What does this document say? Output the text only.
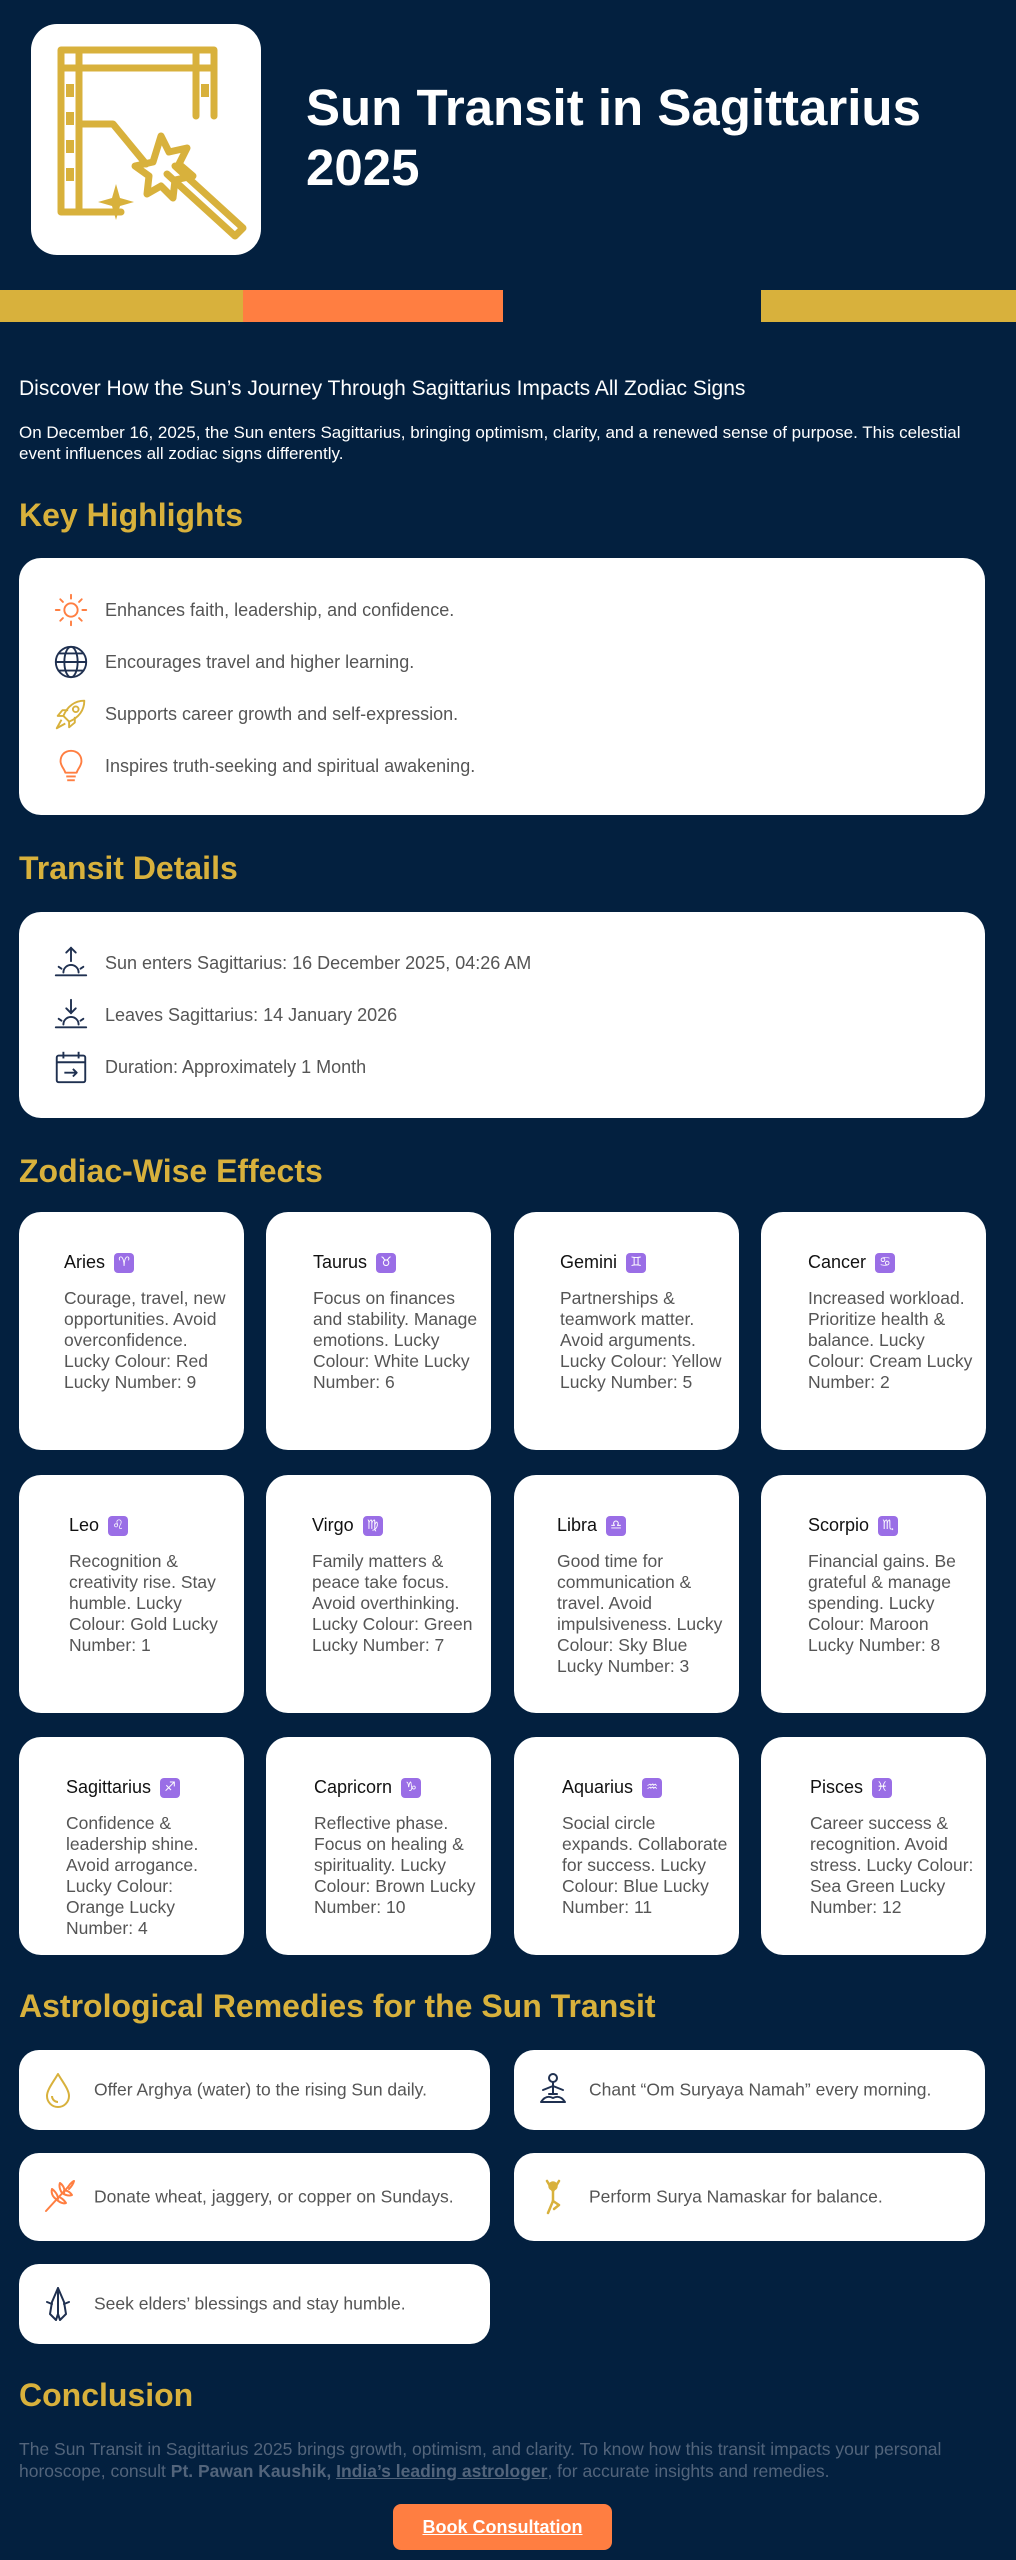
Sun Transit in Sagittarius
2025
Discover How the Sun’s Journey Through Sagittarius Impacts All Zodiac Signs
On December 16, 2025, the Sun enters Sagittarius, bringing optimism, clarity, and a renewed sense of purpose. This celestial event influences all zodiac signs differently.
Key Highlights
Enhances faith, leadership, and confidence.
Encourages travel and higher learning.
Supports career growth and self-expression.
Inspires truth-seeking and spiritual awakening.
Transit Details
Sun enters Sagittarius: 16 December 2025, 04:26 AM
Leaves Sagittarius: 14 January 2026
Duration: Approximately 1 Month
Zodiac-Wise Effects
Aries	♈
Courage, travel, new opportunities. Avoid overconfidence. Lucky Colour: Red Lucky Number: 9
Taurus	♉
Focus on finances and stability. Manage emotions. Lucky Colour: White Lucky Number: 6
Gemini	♊
Partnerships & teamwork matter. Avoid arguments. Lucky Colour: Yellow Lucky Number: 5
Cancer	♋
Increased workload. Prioritize health & balance. Lucky Colour: Cream Lucky Number: 2
Leo	♌
Recognition & creativity rise. Stay humble. Lucky Colour: Gold Lucky Number: 1
Virgo	♍
Family matters & peace take focus. Avoid overthinking. Lucky Colour: Green Lucky Number: 7
Libra	♎
Good time for communication & travel. Avoid impulsiveness. Lucky Colour: Sky Blue Lucky Number: 3
Scorpio	♏
Financial gains. Be grateful & manage spending. Lucky Colour: Maroon Lucky Number: 8
Sagittarius	♐
Confidence & leadership shine. Avoid arrogance. Lucky Colour: Orange Lucky Number: 4
Capricorn	♑
Reflective phase. Focus on healing & spirituality. Lucky Colour: Brown Lucky Number: 10
Aquarius	♒
Social circle expands. Collaborate for success. Lucky Colour: Blue Lucky Number: 11
Pisces	♓
Career success & recognition. Avoid stress. Lucky Colour: Sea Green Lucky Number: 12
Astrological Remedies for the Sun Transit
Offer Arghya (water) to the rising Sun daily.	Chant “Om Suryaya Namah” every morning.
Donate wheat, jaggery, or copper on Sundays.	Perform Surya Namaskar for balance.
Seek elders’ blessings and stay humble.
Conclusion
The Sun Transit in Sagittarius 2025 brings growth, optimism, and clarity. To know how this transit impacts your personal horoscope, consult Pt. Pawan Kaushik, India’s leading astrologer, for accurate insights and remedies.
Book Consultation
